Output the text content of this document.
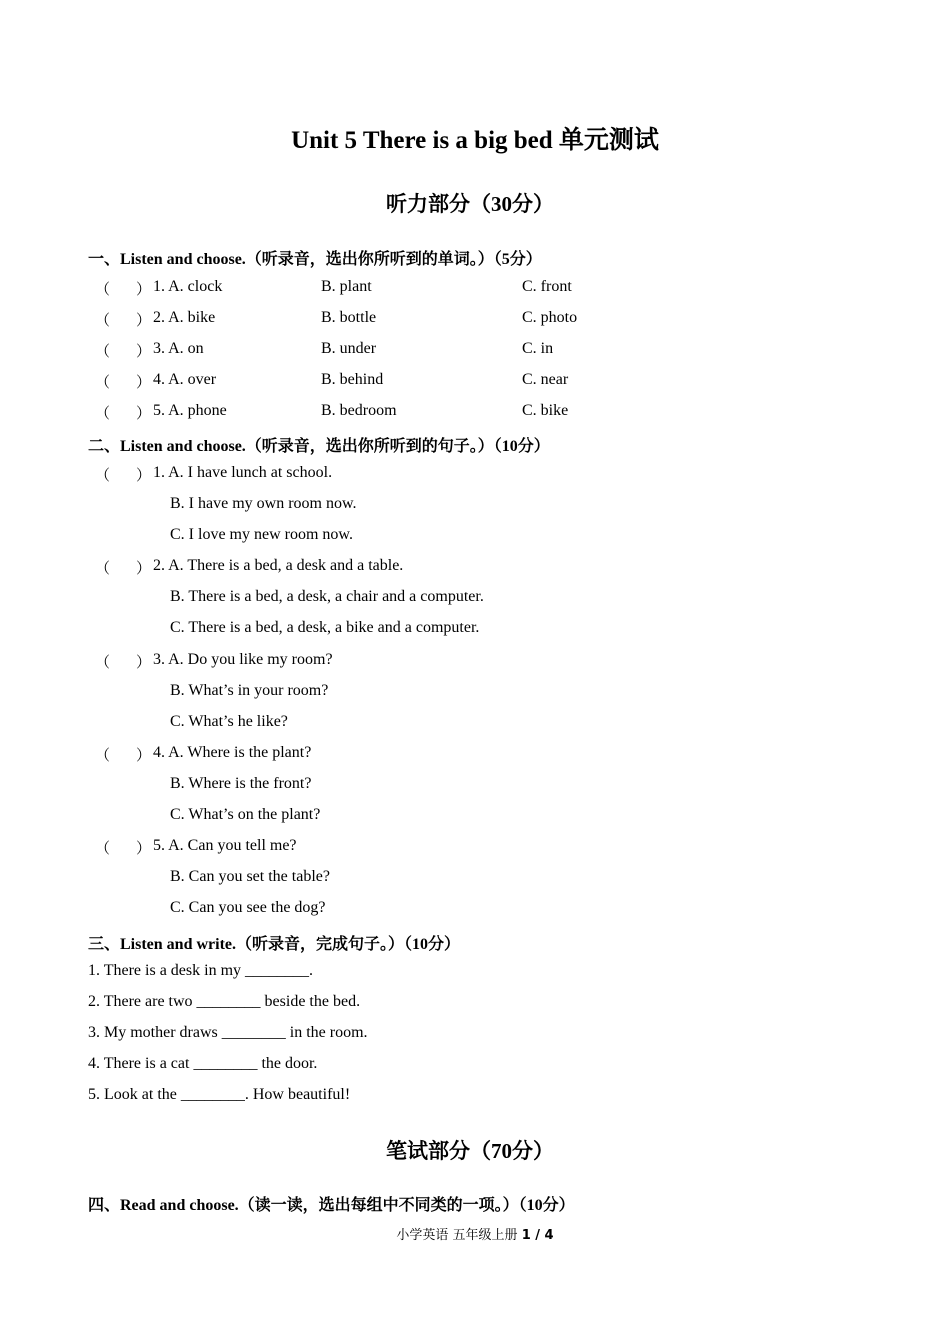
Unit 5 There is a big bed 单元测试
听力部分（30分）
一、Listen and choose.（听录音，选出你所听到的单词。）（5分）
（ ） 1. A. clock	B. plant	C. front
（ ） 2. A. bike	B. bottle	C. photo
（ ） 3. A. on	B. under	C. in
（ ） 4. A. over	B. behind	C. near
（ ） 5. A. phone	B. bedroom	C. bike
二、Listen and choose.（听录音，选出你所听到的句子。）（10分）
（ ） 1. A. I have lunch at school.
B. I have my own room now.
C. I love my new room now.
（ ） 2. A. There is a bed, a desk and a table.
B. There is a bed, a desk, a chair and a computer.
C. There is a bed, a desk, a bike and a computer.
（ ） 3. A. Do you like my room?
B. What’s in your room?
C. What’s he like?
（ ） 4. A. Where is the plant?
B. Where is the front?
C. What’s on the plant?
（ ） 5. A. Can you tell me?
B. Can you set the table?
C. Can you see the dog?
三、Listen and write.（听录音，完成句子。）（10分）
1. There is a desk in my ________.
2. There are two ________ beside the bed.
3. My mother draws ________ in the room.
4. There is a cat ________ the door.
5. Look at the ________. How beautiful!
笔试部分（70分）
四、Read and choose.（读一读，选出每组中不同类的一项。）（10分）
小学英语 五年级上册 1 / 4
